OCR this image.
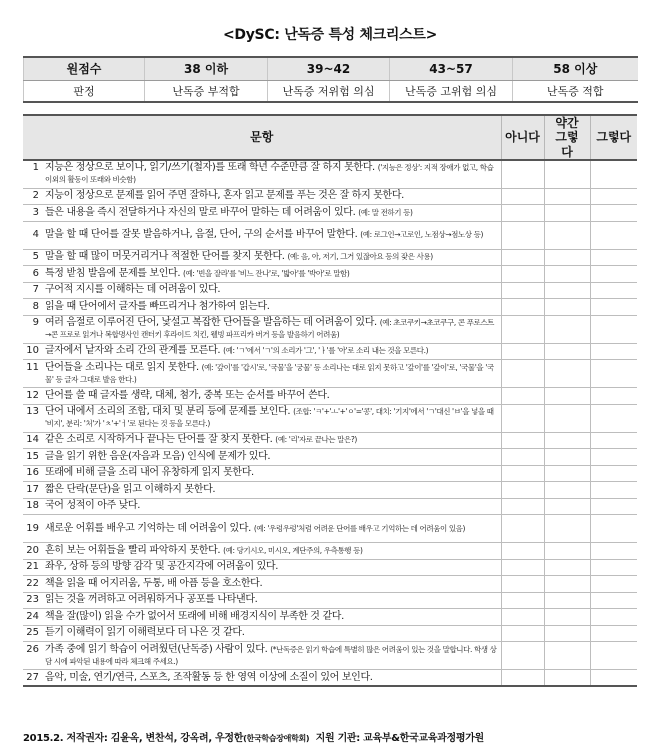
<DySC: 난독증 특성 체크리스트>
원점수	38 이하	39~42	43~57	58 이상
판정	난독증 부적합	난독증 저위험 의심	난독증 고위험 의심	난독증 적합
문항	아니다	약간 그렇다	그렇다

1 지능은 정상으로 보이나, 읽기/쓰기(철자)를 또래 학년 수준만큼 잘 하지 못한다. ('지능은 정상': 지적 장애가 없고, 학습 이외의 활동이 또래와 비슷함)			

2 지능이 정상으로 문제를 읽어 주면 잘하나, 혼자 읽고 문제를 푸는 것은 잘 하지 못한다.			

3 들은 내용을 즉시 전달하거나 자신의 말로 바꾸어 말하는 데 어려움이 있다. (예: 말 전하기 등)			

4 말을 할 때 단어를 잘못 발음하거나, 음절, 단어, 구의 순서를 바꾸어 말한다. (예: 로그인→고로인, 노점상→점노상 등)			

5 말을 할 때 많이 머뭇거리거나 적절한 단어를 찾지 못한다. (예: 음, 아, 저기, 그거 있잖아요 등의 잦은 사용)			

6 특정 받침 발음에 문제를 보인다. (예: '빈을 잘라'를 '비느 잔나'로, '밟아'를 '박아'로 말함)			

7 구어적 지시를 이해하는 데 어려움이 있다.			

8 읽을 때 단어에서 글자를 빠뜨리거나 첨가하여 읽는다.			

9 여러 음절로 이루어진 단어, 낯설고 복잡한 단어들을 발음하는 데 어려움이 있다. (예: 초코쿠키→초코쿠구, 콘 푸로스트→콘 프로로 읽거나 복합명사인 캔터키 후라이드 치킨, 웰빙 파프리카 버거 등을 발음하기 어려움)			

10 글자에서 낱자와 소리 간의 관계를 모른다. (예: 'ㄱ'에서 'ㄱ'의 소리가 '그', 'ㅏ'를 '아'로 소리 내는 것을 모른다.)			

11 단어들을 소리나는 대로 읽지 못한다. (예: '갚이'를 '갑시'로, '국물'을 '궁물' 등 소리나는 대로 읽지 못하고 '갚이'를 '갚이'로, '국물'을 '국물' 등 글자 그대로 발음 한다.)			

12 단어를 쓸 때 글자를 생략, 대체, 첨가, 중복 또는 순서를 바꾸어 쓴다.			

13 단어 내에서 소리의 조합, 대치 및 분리 등에 문제를 보인다. (조합: 'ㅋ'+'ㅗ'+'ㅇ'='콩', 대치: '기지'에서 'ㄱ'대신 'ㅂ'을 넣을 때 '비지', 분리: '처'가 'ㅊ'+'ㅓ'로 된다는 것 등을 모른다.)			

14 같은 소리로 시작하거나 끝나는 단어를 잘 찾지 못한다. (예: '리'자로 끝나는 말은?)			

15 글을 읽기 위한 음운(자음과 모음) 인식에 문제가 있다.			

16 또래에 비해 글을 소리 내어 유창하게 읽지 못한다.			

17 짧은 단락(문단)을 읽고 이해하지 못한다.			

18 국어 성적이 아주 낮다.			

19 새로운 어휘를 배우고 기억하는 데 어려움이 있다. (예: '우렁우렁'처럼 어려운 단어를 배우고 기억하는 데 어려움이 있음)			

20 흔히 보는 어휘들을 빨리 파악하지 못한다. (예: 당기시오, 미시오, 계단주의, 우측통행 등)			

21 좌우, 상하 등의 방향 감각 및 공간지각에 어려움이 있다.			

22 책을 읽을 때 어지러움, 두통, 배 아픔 등을 호소한다.			

23 읽는 것을 꺼려하고 어려워하거나 공포를 나타낸다.			

24 책을 잘(많이) 읽을 수가 없어서 또래에 비해 배경지식이 부족한 것 같다.			

25 듣기 이해력이 읽기 이해력보다 더 나은 것 같다.			

26 가족 중에 읽기 학습이 어려웠던(난독증) 사람이 있다. (*난독증은 읽기 학습에 특별히 많은 어려움이 있는 것을 말합니다. 학생 상담 시에 파악된 내용에 따라 체크해 주세요.)			

27 음악, 미술, 연기/연극, 스포츠, 조작활동 등 한 영역 이상에 소질이 있어 보인다.			

2015.2. 저작권자: 김윤옥, 변찬석, 강옥려, 우정한(한국학습장애학회) 지원 기관: 교육부&한국교육과정평가원
